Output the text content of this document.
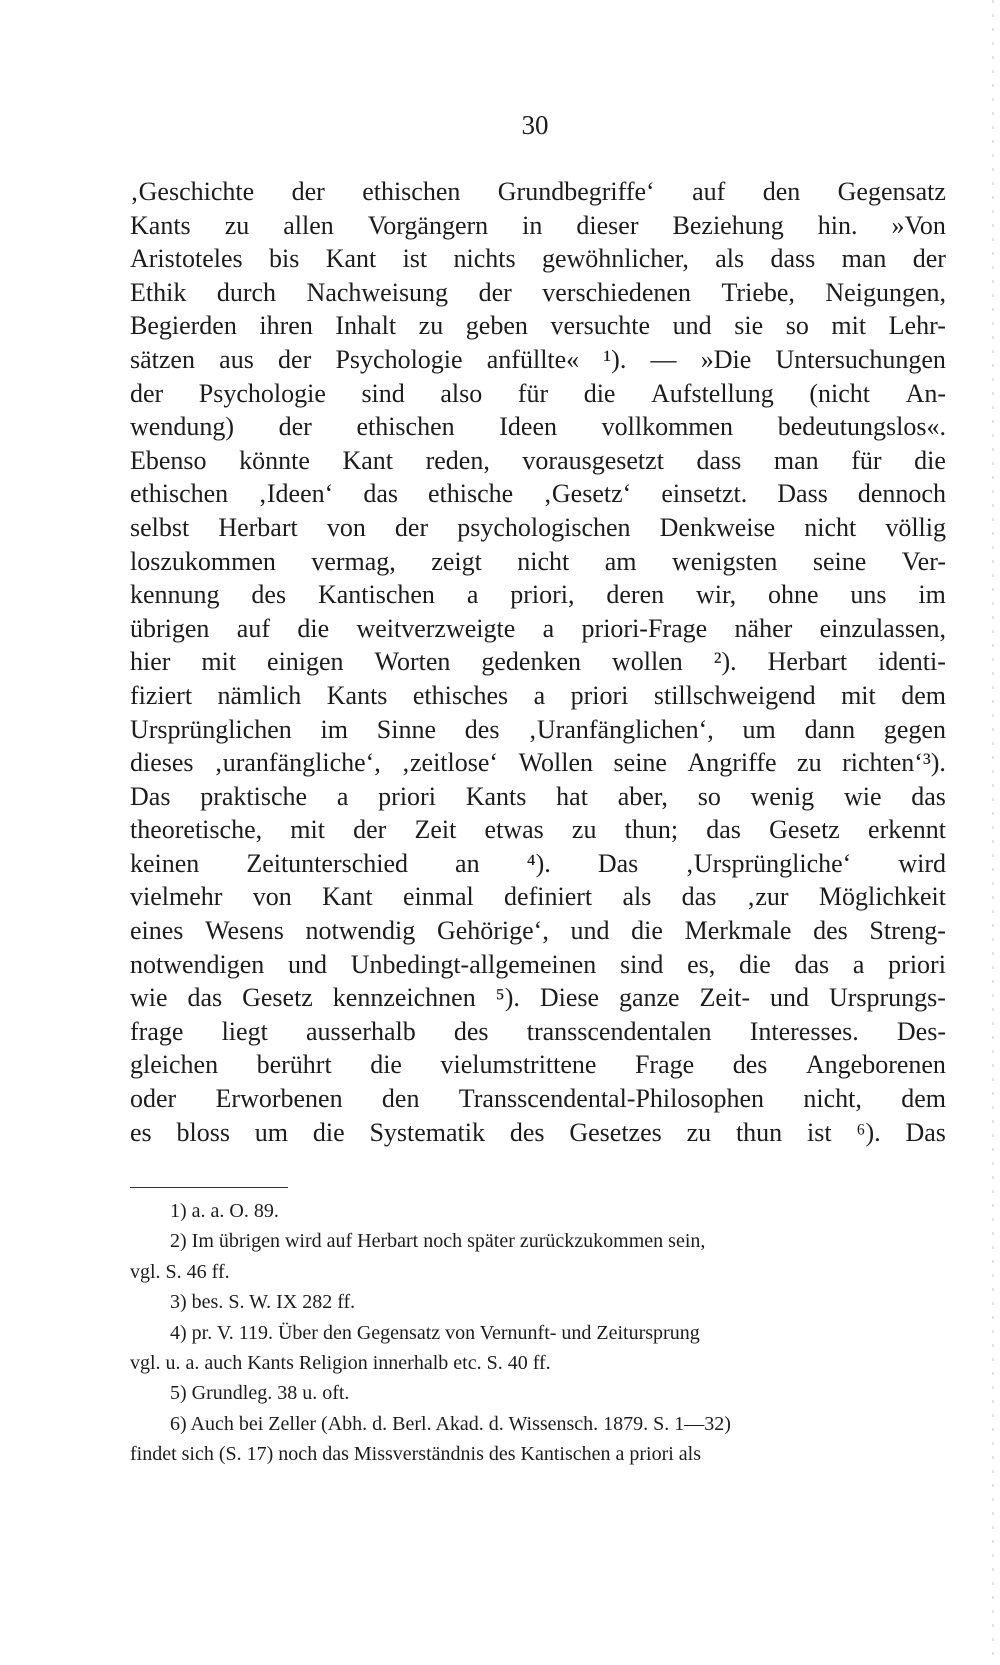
30
‚Geschichte der ethischen Grundbegriffe‘ auf den Gegensatz
Kants zu allen Vorgängern in dieser Beziehung hin. »Von
Aristoteles bis Kant ist nichts gewöhnlicher, als dass man der
Ethik durch Nachweisung der verschiedenen Triebe, Neigungen,
Begierden ihren Inhalt zu geben versuchte und sie so mit Lehr-
sätzen aus der Psychologie anfüllte« ¹). — »Die Untersuchungen
der Psychologie sind also für die Aufstellung (nicht An-
wendung) der ethischen Ideen vollkommen bedeutungslos«.
Ebenso könnte Kant reden, vorausgesetzt dass man für die
ethischen ‚Ideen‘ das ethische ‚Gesetz‘ einsetzt. Dass dennoch
selbst Herbart von der psychologischen Denkweise nicht völlig
loszukommen vermag, zeigt nicht am wenigsten seine Ver-
kennung des Kantischen a priori, deren wir, ohne uns im
übrigen auf die weitverzweigte a priori-Frage näher einzulassen,
hier mit einigen Worten gedenken wollen ²). Herbart identi-
fiziert nämlich Kants ethisches a priori stillschweigend mit dem
Ursprünglichen im Sinne des ‚Uranfänglichen‘, um dann gegen
dieses ‚uranfängliche‘, ‚zeitlose‘ Wollen seine Angriffe zu richten‘³).
Das praktische a priori Kants hat aber, so wenig wie das
theoretische, mit der Zeit etwas zu thun; das Gesetz erkennt
keinen Zeitunterschied an ⁴). Das ‚Ursprüngliche‘ wird
vielmehr von Kant einmal definiert als das ‚zur Möglichkeit
eines Wesens notwendig Gehörige‘, und die Merkmale des Streng-
notwendigen und Unbedingt-allgemeinen sind es, die das a priori
wie das Gesetz kennzeichnen ⁵). Diese ganze Zeit- und Ursprungs-
frage liegt ausserhalb des transscendentalen Interesses. Des-
gleichen berührt die vielumstrittene Frage des Angeborenen
oder Erworbenen den Transscendental-Philosophen nicht, dem
es bloss um die Systematik des Gesetzes zu thun ist ⁶). Das
1) a. a. O. 89.
2) Im übrigen wird auf Herbart noch später zurückzukommen sein,
vgl. S. 46 ff.
3) bes. S. W. IX 282 ff.
4) pr. V. 119. Über den Gegensatz von Vernunft- und Zeitursprung
vgl. u. a. auch Kants Religion innerhalb etc. S. 40 ff.
5) Grundleg. 38 u. oft.
6) Auch bei Zeller (Abh. d. Berl. Akad. d. Wissensch. 1879. S. 1—32)
findet sich (S. 17) noch das Missverständnis des Kantischen a priori als
